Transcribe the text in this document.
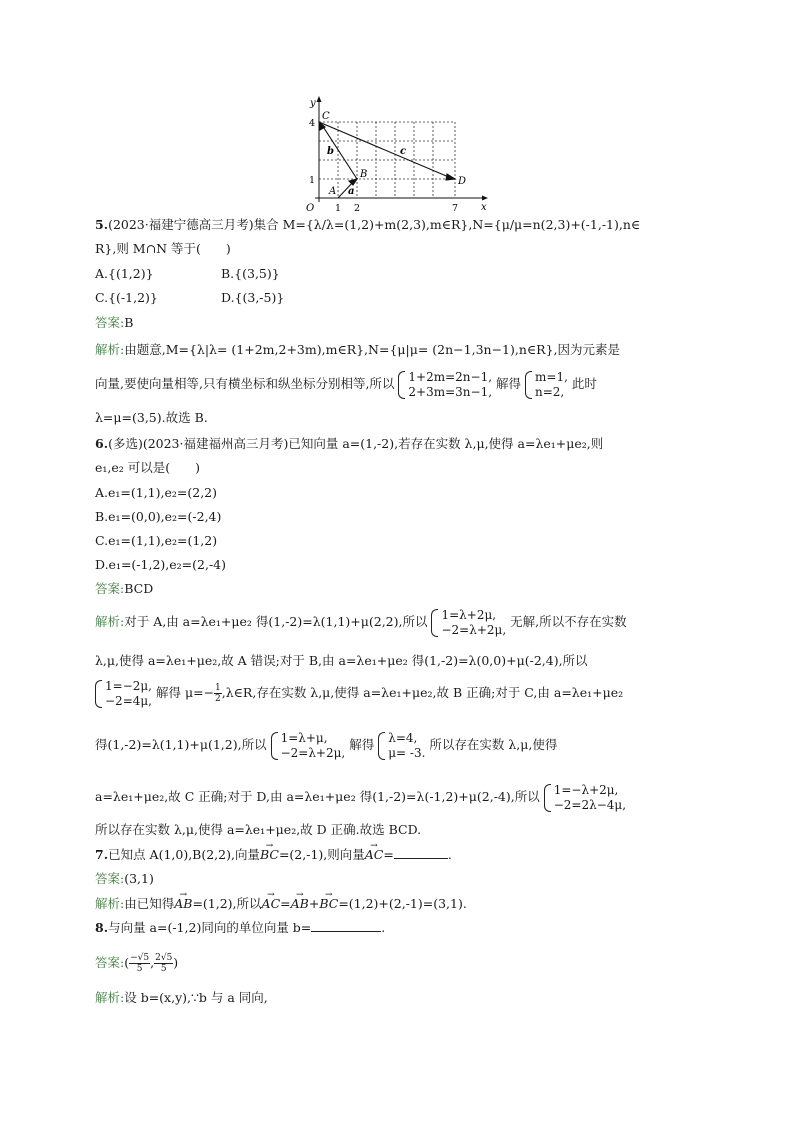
y
x
O
4
1
1 2	7
C
B
A
D
b	c
a
5.(2023·福建宁德高三月考)集合 M={λ/λ=(1,2)+m(2,3),m∈R},N={μ/μ=n(2,3)+(-1,-1),n∈
R},则 M∩N 等于(　　)
A.{(1,2)}	B.{(3,5)}
C.{(-1,2)}	D.{(3,-5)}
答案:B
解析:由题意,M={λ|λ= (1+2m,2+3m),m∈R},N={μ|μ= (2n−1,3n−1),n∈R},因为元素是
向量,要使向量相等,只有横坐标和纵坐标分别相等,所以 1+2m=2n−1,
2+3m=3n−1,
解得 m=1,
n=2,
此时
λ=μ=(3,5).故选 B.
6.(多选)(2023·福建福州高三月考)已知向量 a=(1,-2),若存在实数 λ,μ,使得 a=λe₁+μe₂,则
e₁,e₂ 可以是(　　)
A.e₁=(1,1),e₂=(2,2)
B.e₁=(0,0),e₂=(-2,4)
C.e₁=(1,1),e₂=(1,2)
D.e₁=(-1,2),e₂=(2,-4)
答案:BCD
解析:对于 A,由 a=λe₁+μe₂ 得(1,-2)=λ(1,1)+μ(2,2),所以 1=λ+2μ,
−2=λ+2μ,
无解,所以不存在实数
λ,μ,使得 a=λe₁+μe₂,故 A 错误;对于 B,由 a=λe₁+μe₂ 得(1,-2)=λ(0,0)+μ(-2,4),所以
1=−2μ,
−2=4μ,
解得 $\mu=- \frac{1}{2}$ ,λ∈R,存在实数 λ,μ,使得 a=λe₁+μe₂,故 B 正确;对于 C,由 a=λe₁+μe₂
得(1,-2)=λ(1,1)+μ(1,2),所以 1=λ+μ,
−2=λ+2μ,
解得 λ=4,
μ= -3.
所以存在实数 λ,μ,使得
a=λe₁+μe₂,故 C 正确;对于 D,由 a=λe₁+μe₂ 得(1,-2)=λ(-1,2)+μ(2,-4),所以 1=−λ+2μ,
−2=2λ−4μ,
所以存在实数 λ,μ,使得 a=λe₁+μe₂,故 D 正确.故选 BCD.
7.已知点 A(1,0),B(2,2),向量→ BC=(2,-1),则向量→ AC=	.
答案:(3,1)
解析:由已知得→ AB=(1,2),所以→ AC=→ AB+→ BC=(1,2)+(2,-1)=(3,1).
8.与向量 a=(-1,2)同向的单位向量 b=	.
答案:( $\frac{-√5}{5}$ , $\frac{2√5}{5}$ )
解析:设 b=(x,y),∵b 与 a 同向,
